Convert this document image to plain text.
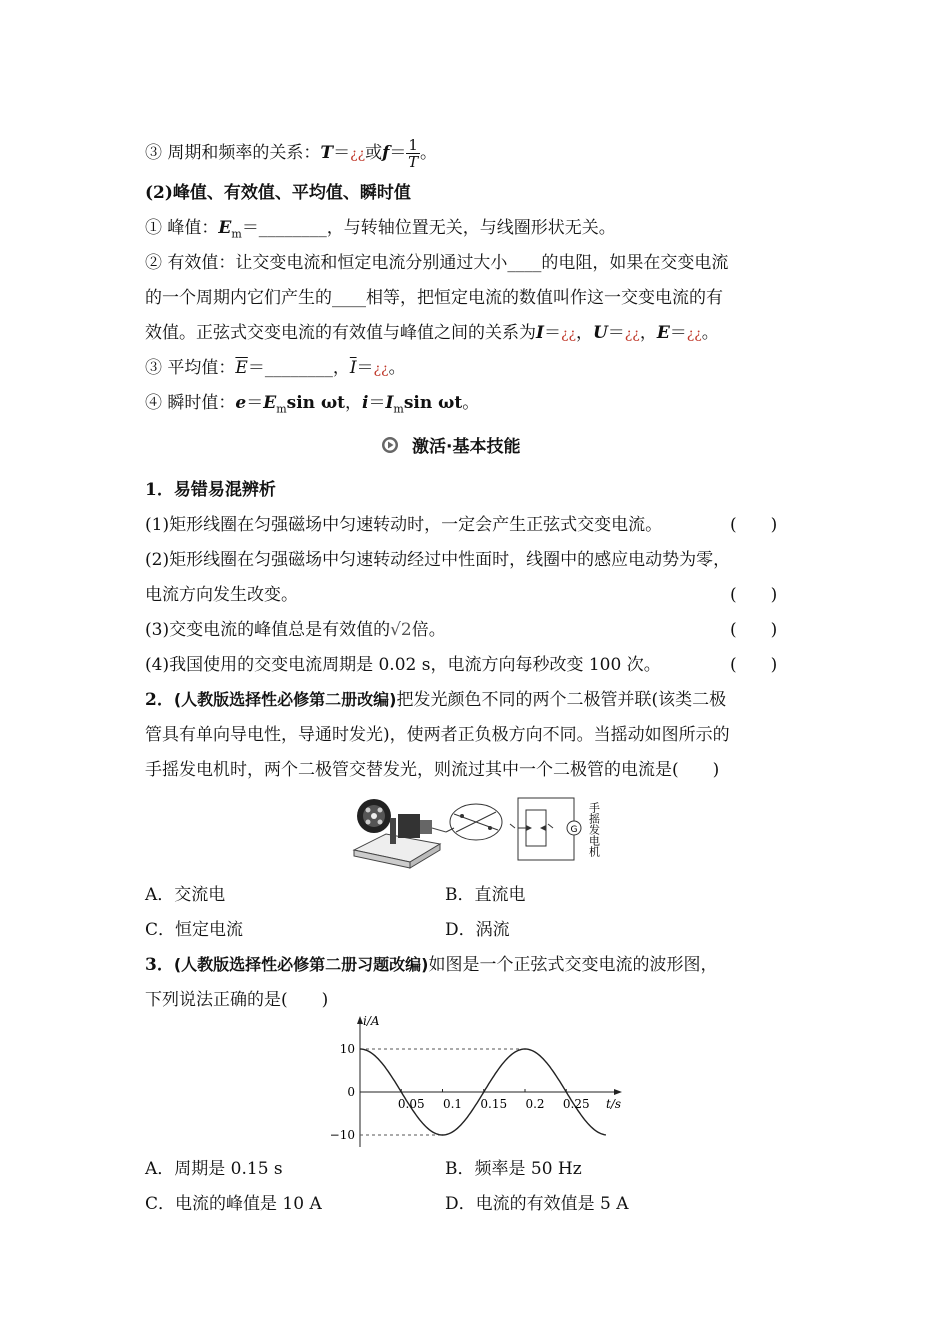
③ 周期和频率的关系：T＝¿¿或$f= \frac{1}{T}$ 。
(2)峰值、有效值、平均值、瞬时值
① 峰值：$E_m=\_\_\_\_\_\_\_\_$，与转轴位置无关，与线圈形状无关。
② 有效值：让交变电流和恒定电流分别通过大小____的电阻，如果在交变电流
的一个周期内它们产生的____相等，把恒定电流的数值叫作这一交变电流的有
效值。正弦式交变电流的有效值与峰值之间的关系为I＝¿¿，U＝¿¿，E＝¿¿。
③ 平均值：$\overline{E}=\_\_\_\_\_\_\_\_$，$\overline{I}=¿¿$。
④ 瞬时值：$e=E_m\sin$ ωt，$i=I_m\sin$ ωt。
激活·基本技能
1．易错易混辨析
(1)矩形线圈在匀强磁场中匀速转动时，一定会产生正弦式交变电流。	(　　)
(2)矩形线圈在匀强磁场中匀速转动经过中性面时，线圈中的感应电动势为零，
电流方向发生改变。	(　　)
(3)交变电流的峰值总是有效值的√2倍。	(　　)
(4)我国使用的交变电流周期是 0.02 s，电流方向每秒改变 100 次。	(　　)
2．(人教版选择性必修第二册改编)把发光颜色不同的两个二极管并联(该类二极
管具有单向导电性，导通时发光)，使两者正负极方向不同。当摇动如图所示的
手摇发电机时，两个二极管交替发光，则流过其中一个二极管的电流是(　　)
G 手摇发电机
A．交流电	B．直流电
C．恒定电流	D．涡流
3．(人教版选择性必修第二册习题改编)如图是一个正弦式交变电流的波形图，
下列说法正确的是(　　)
i/A
t/s
10
0
−10
0.05 0.1 0.15 0.2 0.25
A．周期是 0.15 s	B．频率是 50 Hz
C．电流的峰值是 10 A	D．电流的有效值是 5 A
